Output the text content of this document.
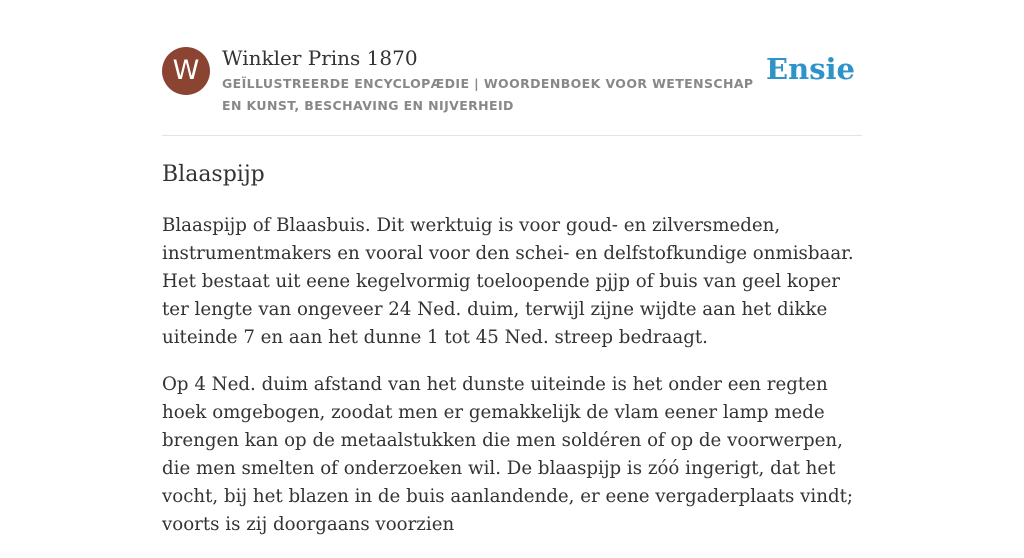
W	Winkler Prins 1870
GEÏLLUSTREERDE ENCYCLOPÆDIE | WOORDENBOEK VOOR WETENSCHAP EN KUNST, BESCHAVING EN NIJVERHEID
Ensie
Blaaspijp

Blaaspijp of Blaasbuis. Dit werktuig is voor goud- en zilversmeden, instrumentmakers en vooral voor den schei- en delfstofkundige onmisbaar. Het bestaat uit eene kegelvormig toeloopende pjjp of buis van geel koper ter lengte van ongeveer 24 Ned. duim, terwijl zijne wijdte aan het dikke uiteinde 7 en aan het dunne 1 tot 45 Ned. streep bedraagt.

Op 4 Ned. duim afstand van het dunste uiteinde is het onder een regten hoek omgebogen, zoodat men er gemakkelijk de vlam eener lamp mede brengen kan op de metaalstukken die men soldéren of op de voorwerpen, die men smelten of onderzoeken wil. De blaaspijp is zóó ingerigt, dat het vocht, bij het blazen in de buis aanlandende, er eene vergaderplaats vindt; voorts is zij doorgaans voorzien
